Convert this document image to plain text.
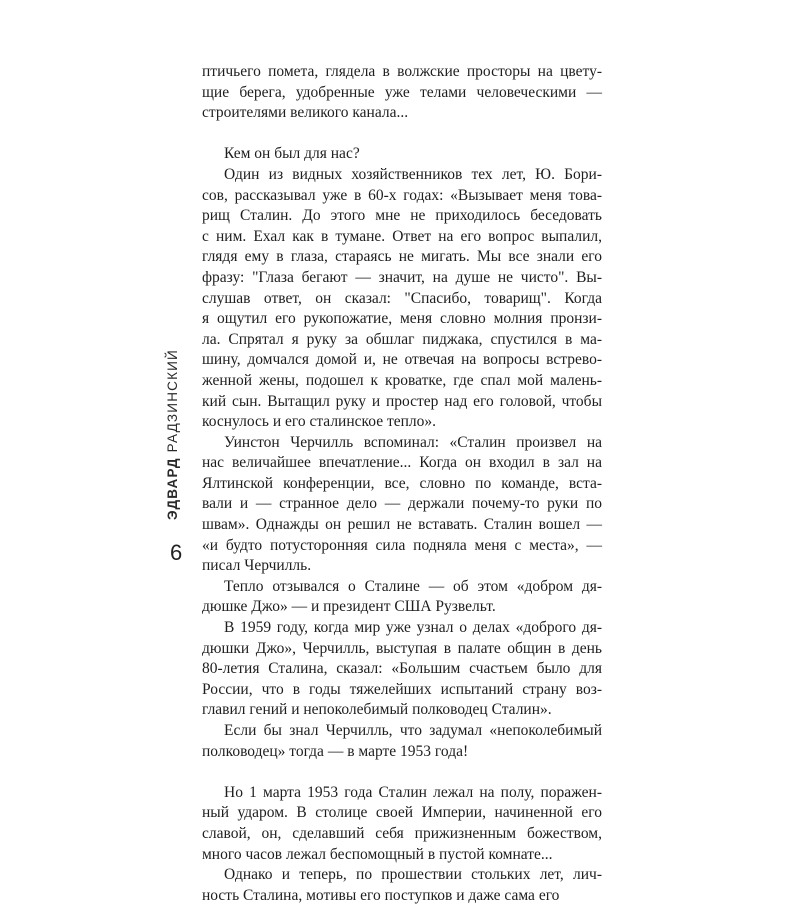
ЭДВАРД РАДЗИНСКИЙ
6

птичьего помета, глядела в волжские просторы на цвету-
щие берега, удобренные уже телами человеческими —
строителями великого канала...

Кем он был для нас?

Один из видных хозяйственников тех лет, Ю. Бори-
сов, рассказывал уже в 60-х годах: «Вызывает меня това-
рищ Сталин. До этого мне не приходилось беседовать
с ним. Ехал как в тумане. Ответ на его вопрос выпалил,
глядя ему в глаза, стараясь не мигать. Мы все знали его
фразу: "Глаза бегают — значит, на душе не чисто". Вы-
слушав ответ, он сказал: "Спасибо, товарищ". Когда
я ощутил его рукопожатие, меня словно молния пронзи-
ла. Спрятал я руку за обшлаг пиджака, спустился в ма-
шину, домчался домой и, не отвечая на вопросы встрево-
женной жены, подошел к кроватке, где спал мой малень-
кий сын. Вытащил руку и простер над его головой, чтобы
коснулось и его сталинское тепло».

Уинстон Черчилль вспоминал: «Сталин произвел на
нас величайшее впечатление... Когда он входил в зал на
Ялтинской конференции, все, словно по команде, вста-
вали и — странное дело — держали почему-то руки по
швам». Однажды он решил не вставать. Сталин вошел —
«и будто потусторонняя сила подняла меня с места», —
писал Черчилль.

Тепло отзывался о Сталине — об этом «добром дя-
дюшке Джо» — и президент США Рузвельт.

В 1959 году, когда мир уже узнал о делах «доброго дя-
дюшки Джо», Черчилль, выступая в палате общин в день
80-летия Сталина, сказал: «Большим счастьем было для
России, что в годы тяжелейших испытаний страну воз-
главил гений и непоколебимый полководец Сталин».

Если бы знал Черчилль, что задумал «непоколебимый
полководец» тогда — в марте 1953 года!

Но 1 марта 1953 года Сталин лежал на полу, поражен-
ный ударом. В столице своей Империи, начиненной его
славой, он, сделавший себя прижизненным божеством,
много часов лежал беспомощный в пустой комнате...

Однако и теперь, по прошествии стольких лет, лич-
ность Сталина, мотивы его поступков и даже сама его
